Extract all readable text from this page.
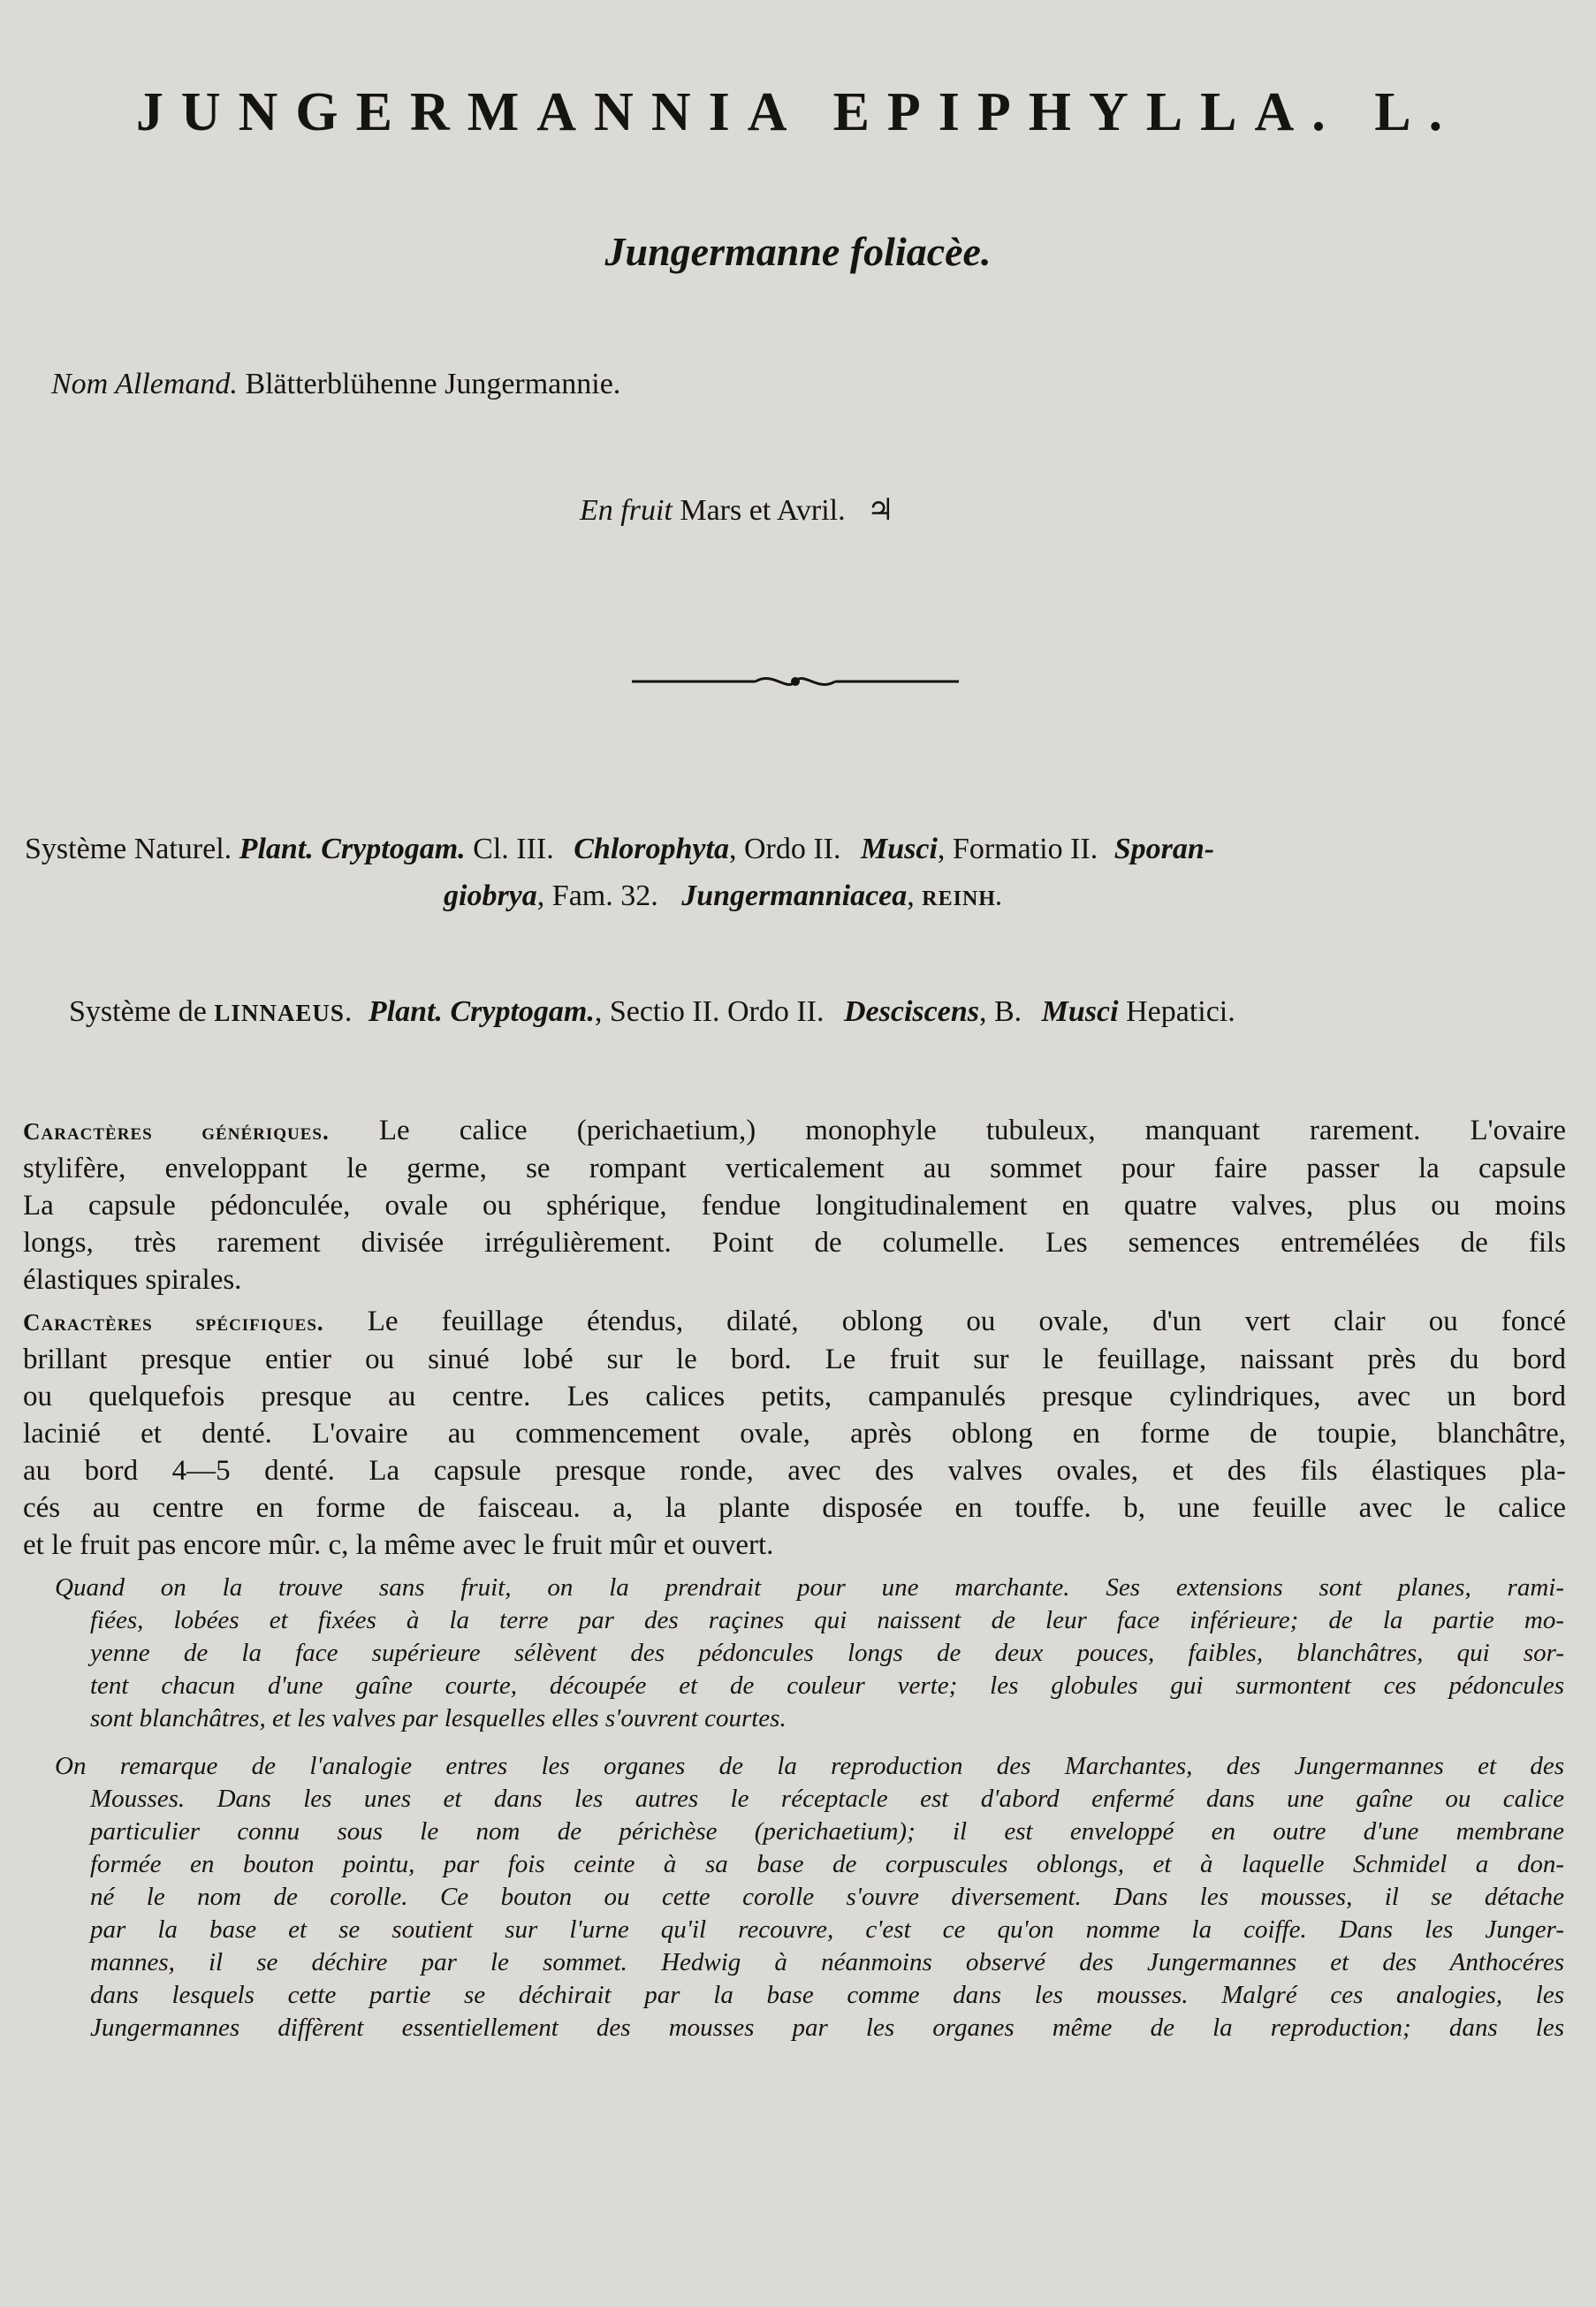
JUNGERMANNIA EPIPHYLLA. L.
Jungermanne foliacèe.
Nom Allemand. Blätterblühenne Jungermannie.
En fruit Mars et Avril. ♃
Système Naturel. Plant. Cryptogam. Cl. III. Chlorophyta, Ordo II. Musci, Formatio II. Sporan-
giobrya, Fam. 32. Jungermanniacea, REINH.
Système de LINNAEUS. Plant. Cryptogam., Sectio II. Ordo II. Desciscens, B. Musci Hepatici.
Caractères génériques. Le calice (perichaetium,) monophyle tubuleux, manquant rarement. L'ovaire
stylifère, enveloppant le germe, se rompant verticalement au sommet pour faire passer la capsule
La capsule pédonculée, ovale ou sphérique, fendue longitudinalement en quatre valves, plus ou moins
longs, très rarement divisée irrégulièrement. Point de columelle. Les semences entremélées de fils
élastiques spirales.
Caractères spécifiques. Le feuillage étendus, dilaté, oblong ou ovale, d'un vert clair ou foncé
brillant presque entier ou sinué lobé sur le bord. Le fruit sur le feuillage, naissant près du bord
ou quelquefois presque au centre. Les calices petits, campanulés presque cylindriques, avec un bord
lacinié et denté. L'ovaire au commencement ovale, après oblong en forme de toupie, blanchâtre,
au bord 4—5 denté. La capsule presque ronde, avec des valves ovales, et des fils élastiques pla-
cés au centre en forme de faisceau. a, la plante disposée en touffe. b, une feuille avec le calice
et le fruit pas encore mûr. c, la même avec le fruit mûr et ouvert.
Quand on la trouve sans fruit, on la prendrait pour une marchante. Ses extensions sont planes, rami-
fiées, lobées et fixées à la terre par des raçines qui naissent de leur face inférieure; de la partie mo-
yenne de la face supérieure sélèvent des pédoncules longs de deux pouces, faibles, blanchâtres, qui sor-
tent chacun d'une gaîne courte, découpée et de couleur verte; les globules gui surmontent ces pédoncules
sont blanchâtres, et les valves par lesquelles elles s'ouvrent courtes.
On remarque de l'analogie entres les organes de la reproduction des Marchantes, des Jungermannes et des
Mousses. Dans les unes et dans les autres le réceptacle est d'abord enfermé dans une gaîne ou calice
particulier connu sous le nom de périchèse (perichaetium); il est enveloppé en outre d'une membrane
formée en bouton pointu, par fois ceinte à sa base de corpuscules oblongs, et à laquelle Schmidel a don-
né le nom de corolle. Ce bouton ou cette corolle s'ouvre diversement. Dans les mousses, il se détache
par la base et se soutient sur l'urne qu'il recouvre, c'est ce qu'on nomme la coiffe. Dans les Junger-
mannes, il se déchire par le sommet. Hedwig à néanmoins observé des Jungermannes et des Anthocéres
dans lesquels cette partie se déchirait par la base comme dans les mousses. Malgré ces analogies, les
Jungermannes diffèrent essentiellement des mousses par les organes même de la reproduction; dans les
